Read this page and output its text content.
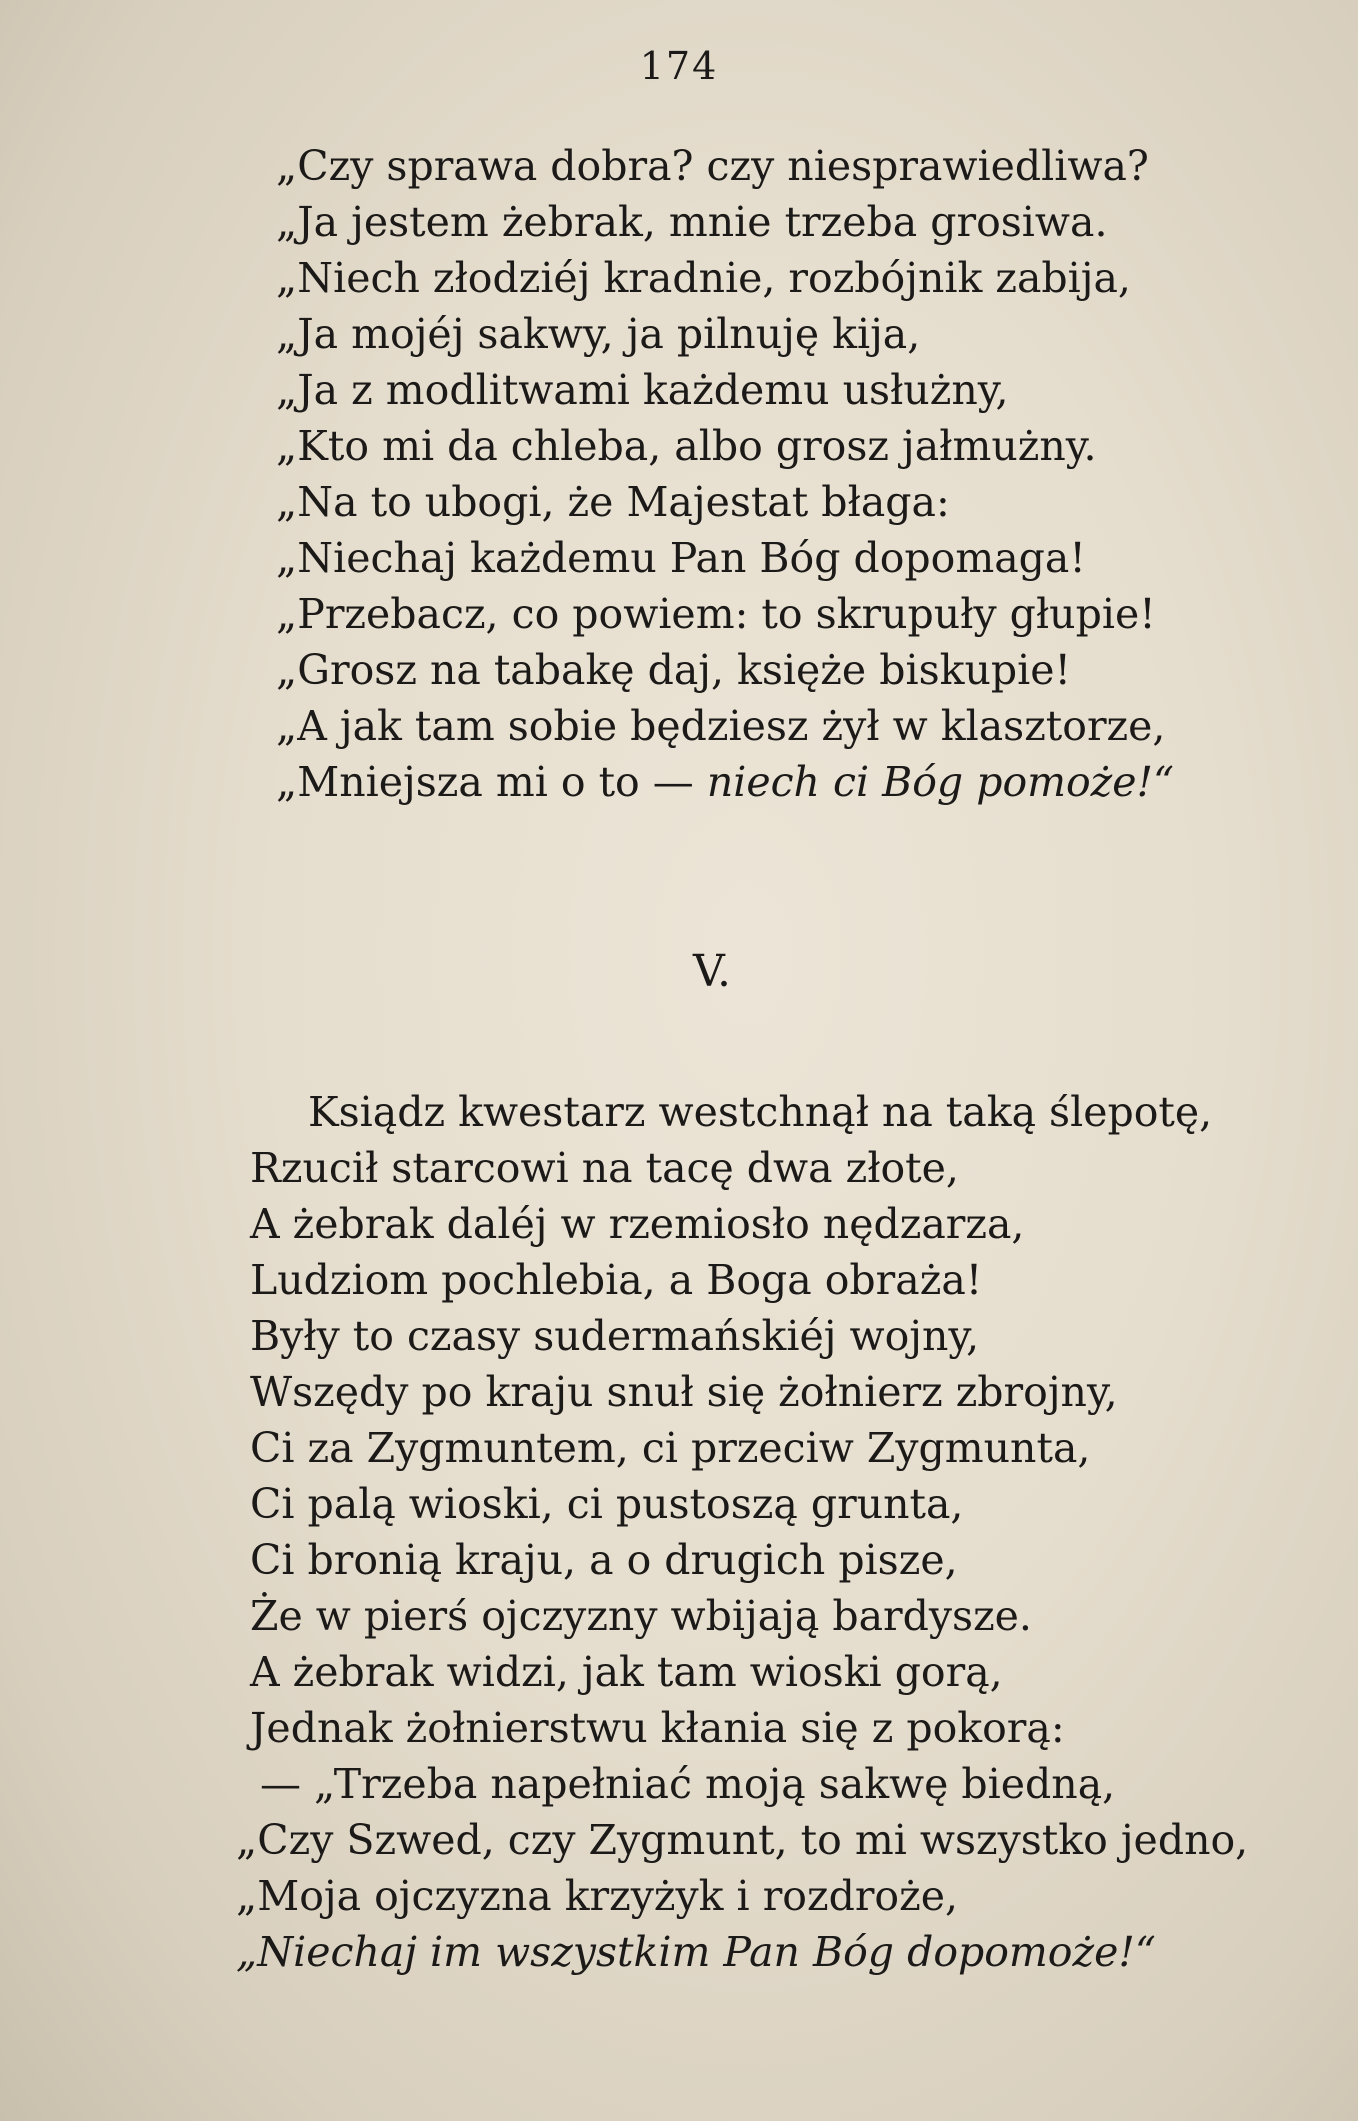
174
„Czy sprawa dobra? czy niesprawiedliwa?
„Ja jestem żebrak, mnie trzeba grosiwa.
„Niech złodziéj kradnie, rozbójnik zabija,
„Ja mojéj sakwy, ja pilnuję kija,
„Ja z modlitwami każdemu usłużny,
„Kto mi da chleba, albo grosz jałmużny.
„Na to ubogi, że Majestat błaga:
„Niechaj każdemu Pan Bóg dopomaga!
„Przebacz, co powiem: to skrupuły głupie!
„Grosz na tabakę daj, księże biskupie!
„A jak tam sobie będziesz żył w klasztorze,
„Mniejsza mi o to — niech ci Bóg pomoże!“
V.
Ksiądz kwestarz westchnął na taką ślepotę,
Rzucił starcowi na tacę dwa złote,
A żebrak daléj w rzemiosło nędzarza,
Ludziom pochlebia, a Boga obraża!
Były to czasy sudermańskiéj wojny,
Wszędy po kraju snuł się żołnierz zbrojny,
Ci za Zygmuntem, ci przeciw Zygmunta,
Ci palą wioski, ci pustoszą grunta,
Ci bronią kraju, a o drugich pisze,
Że w pierś ojczyzny wbijają bardysze.
A żebrak widzi, jak tam wioski gorą,
Jednak żołnierstwu kłania się z pokorą:
— „Trzeba napełniać moją sakwę biedną,
„Czy Szwed, czy Zygmunt, to mi wszystko jedno,
„Moja ojczyzna krzyżyk i rozdroże,
„Niechaj im wszystkim Pan Bóg dopomoże!“
